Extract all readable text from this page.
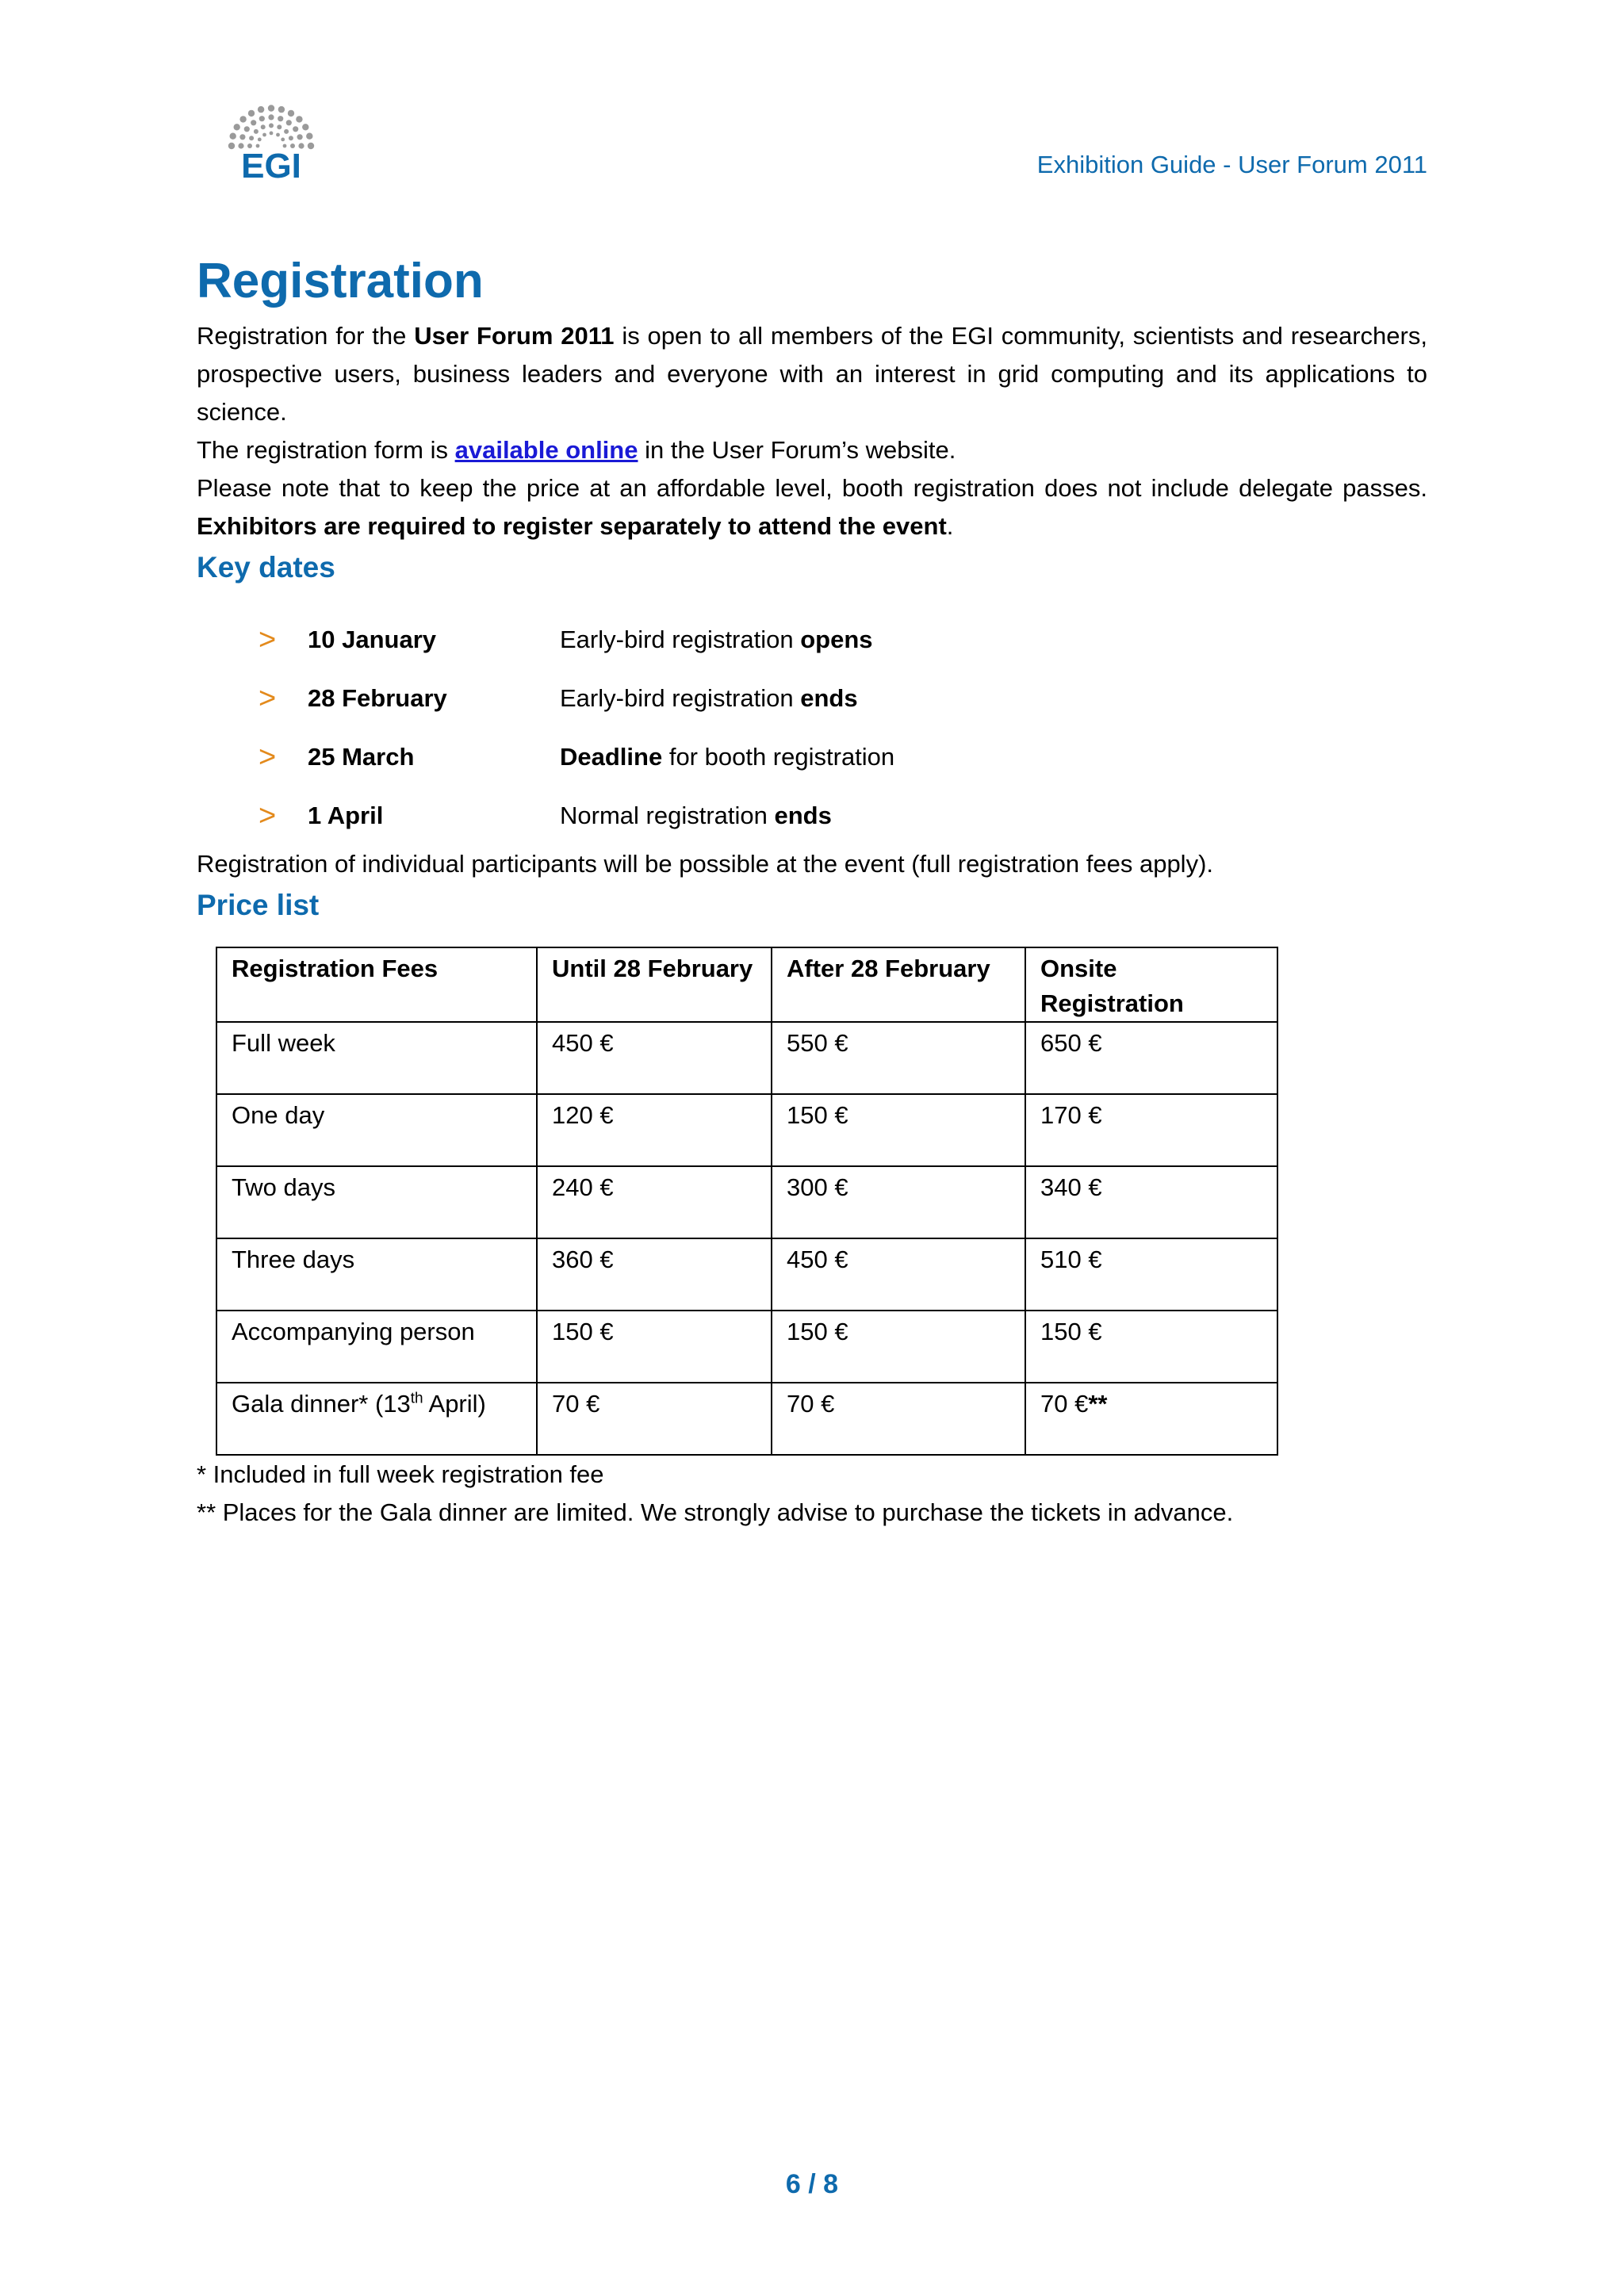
EGI	Exhibition Guide - User Forum 2011
Registration

Registration for the User Forum 2011 is open to all members of the EGI community, scientists and researchers, prospective users, business leaders and everyone with an interest in grid computing and its applications to science.

The registration form is available online in the User Forum’s website.

Please note that to keep the price at an affordable level, booth registration does not include delegate passes. Exhibitors are required to register separately to attend the event.

Key dates
>	10 January	Early-bird registration opens
>	28 February	Early-bird registration ends
>	25 March	Deadline for booth registration
>	1 April	Normal registration ends

Registration of individual participants will be possible at the event (full registration fees apply).

Price list
Registration Fees	Until 28 February	After 28 February	Onsite Registration
Full week	450 €	550 €	650 €
One day	120 €	150 €	170 €
Two days	240 €	300 €	340 €
Three days	360 €	450 €	510 €
Accompanying person	150 €	150 €	150 €
Gala dinner* (13th April)	70 €	70 €	70 €**

* Included in full week registration fee

** Places for the Gala dinner are limited. We strongly advise to purchase the tickets in advance.

6 / 8
